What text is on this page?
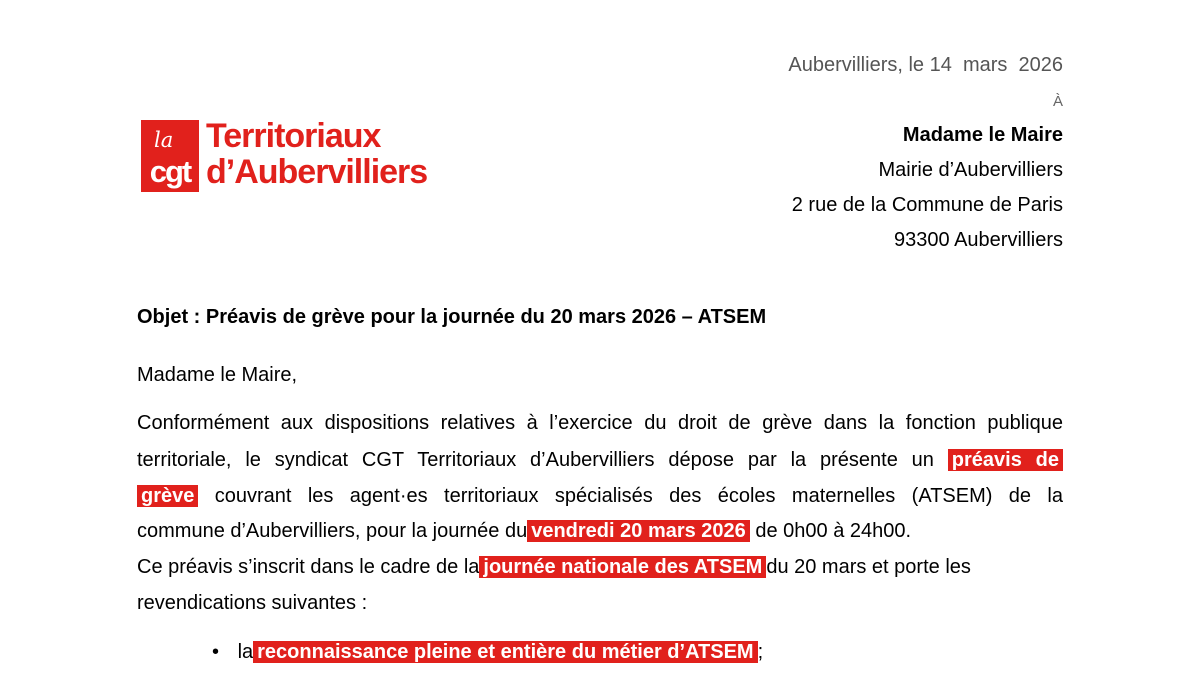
Aubervilliers, le 14  mars  2026
À
Madame le Maire
Mairie d’Aubervilliers
2 rue de la Commune de Paris
93300 Aubervilliers
la
cgt
Territoriaux
d’Aubervilliers
Objet : Préavis de grève pour la journée du 20 mars 2026 – ATSEM
Madame le Maire,
Conformément aux dispositions relatives à l’exercice du droit de grève dans la fonction publique
territoriale, le syndicat CGT Territoriaux d’Aubervilliers dépose par la présente un préavis de
grève couvrant les agent·es territoriaux spécialisés des écoles maternelles (ATSEM) de la
commune d’Aubervilliers, pour la journée du vendredi 20 mars 2026 de 0h00 à 24h00.
Ce préavis s’inscrit dans le cadre de la journée nationale des ATSEM du 20 mars et porte les
revendications suivantes :
• la reconnaissance pleine et entière du métier d’ATSEM ;
